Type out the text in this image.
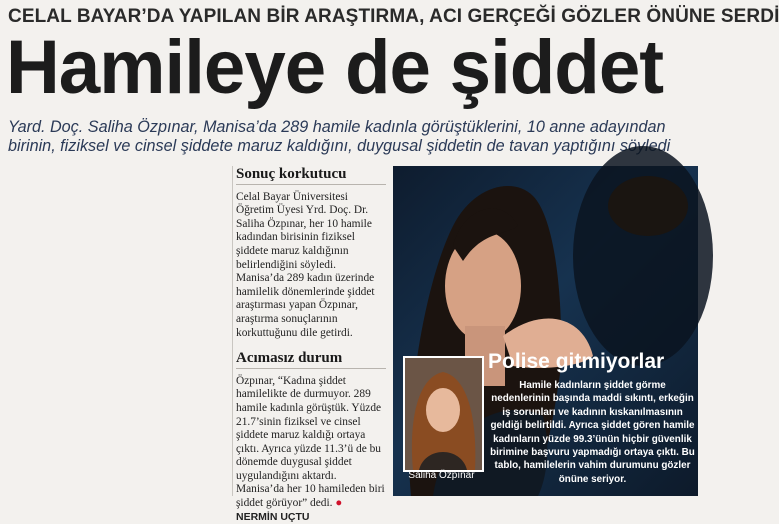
CELAL BAYAR’DA YAPILAN BİR ARAŞTIRMA, ACI GERÇEĞİ GÖZLER ÖNÜNE SERDİ
Hamileye de şiddet
Yard. Doç. Saliha Özpınar, Manisa’da 289 hamile kadınla görüştüklerini, 10 anne adayından birinin, fiziksel ve cinsel şiddete maruz kaldığını, duygusal şiddetin de tavan yaptığını söyledi
Sonuç korkutucu

Celal Bayar Üniversitesi Öğretim Üyesi Yrd. Doç. Dr. Saliha Özpınar, her 10 hamile kadından birisinin fiziksel şiddete maruz kaldığının belirlendiğini söyledi. Manisa’da 289 kadın üzerinde hamilelik dönemlerinde şiddet araştırması yapan Özpınar, araştırma sonuçlarının korkuttuğunu dile getirdi.

Acımasız durum

Özpınar, “Kadına şiddet hamilelikte de durmuyor. 289 hamile kadınla görüştük. Yüzde 21.7’sinin fiziksel ve cinsel şiddete maruz kaldığı ortaya çıktı. Ayrıca yüzde 11.3’ü de bu dönemde duygusal şiddet uygulandığını aktardı. Manisa’da her 10 hamileden biri şiddet görüyor” dedi. ● NERMİN UÇTU

Saliha Özpınar
Polise gitmiyorlar
Hamile kadınların şiddet görme nedenlerinin başında maddi sıkıntı, erkeğin iş sorunları ve kadının kıskanılmasının geldiği belirtildi. Ayrıca şiddet gören hamile kadınların yüzde 99.3’ünün hiçbir güvenlik birimine başvuru yapmadığı ortaya çıktı. Bu tablo, hamilelerin vahim durumunu gözler önüne seriyor.
